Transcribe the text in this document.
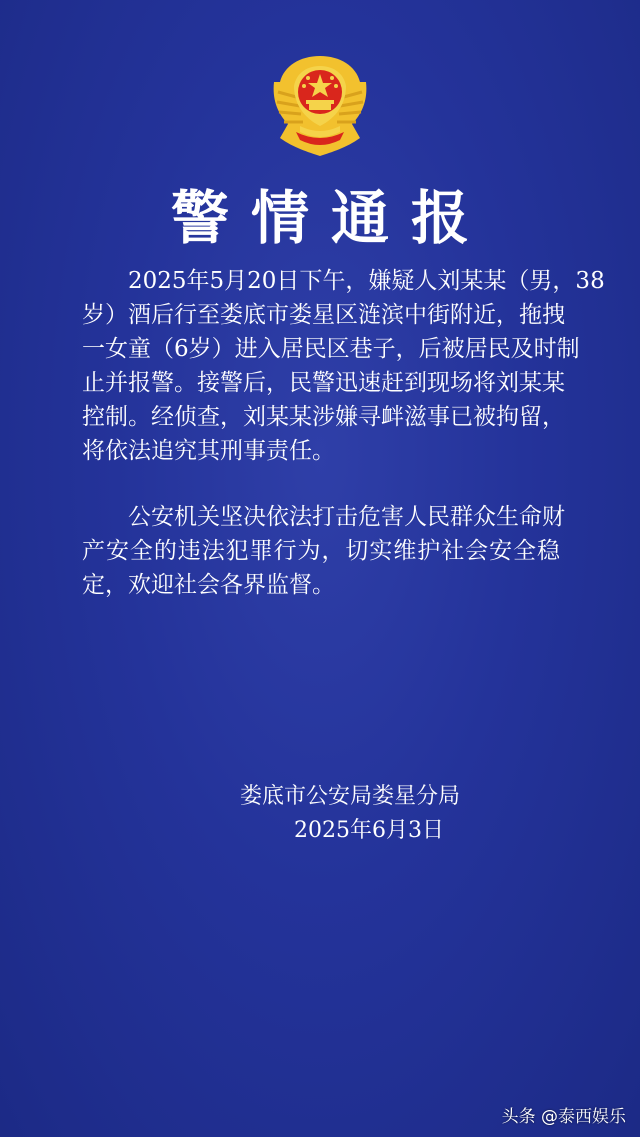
警情通报

2025年5月20日下午，嫌疑人刘某某（男，38
岁）酒后行至娄底市娄星区涟滨中街附近，拖拽
一女童（6岁）进入居民区巷子，后被居民及时制
止并报警。接警后，民警迅速赶到现场将刘某某
控制。经侦查，刘某某涉嫌寻衅滋事已被拘留，
将依法追究其刑事责任。

公安机关坚决依法打击危害人民群众生命财
产安全的违法犯罪行为，切实维护社会安全稳
定，欢迎社会各界监督。

娄底市公安局娄星分局
2025年6月3日
头条 @泰西娱乐
